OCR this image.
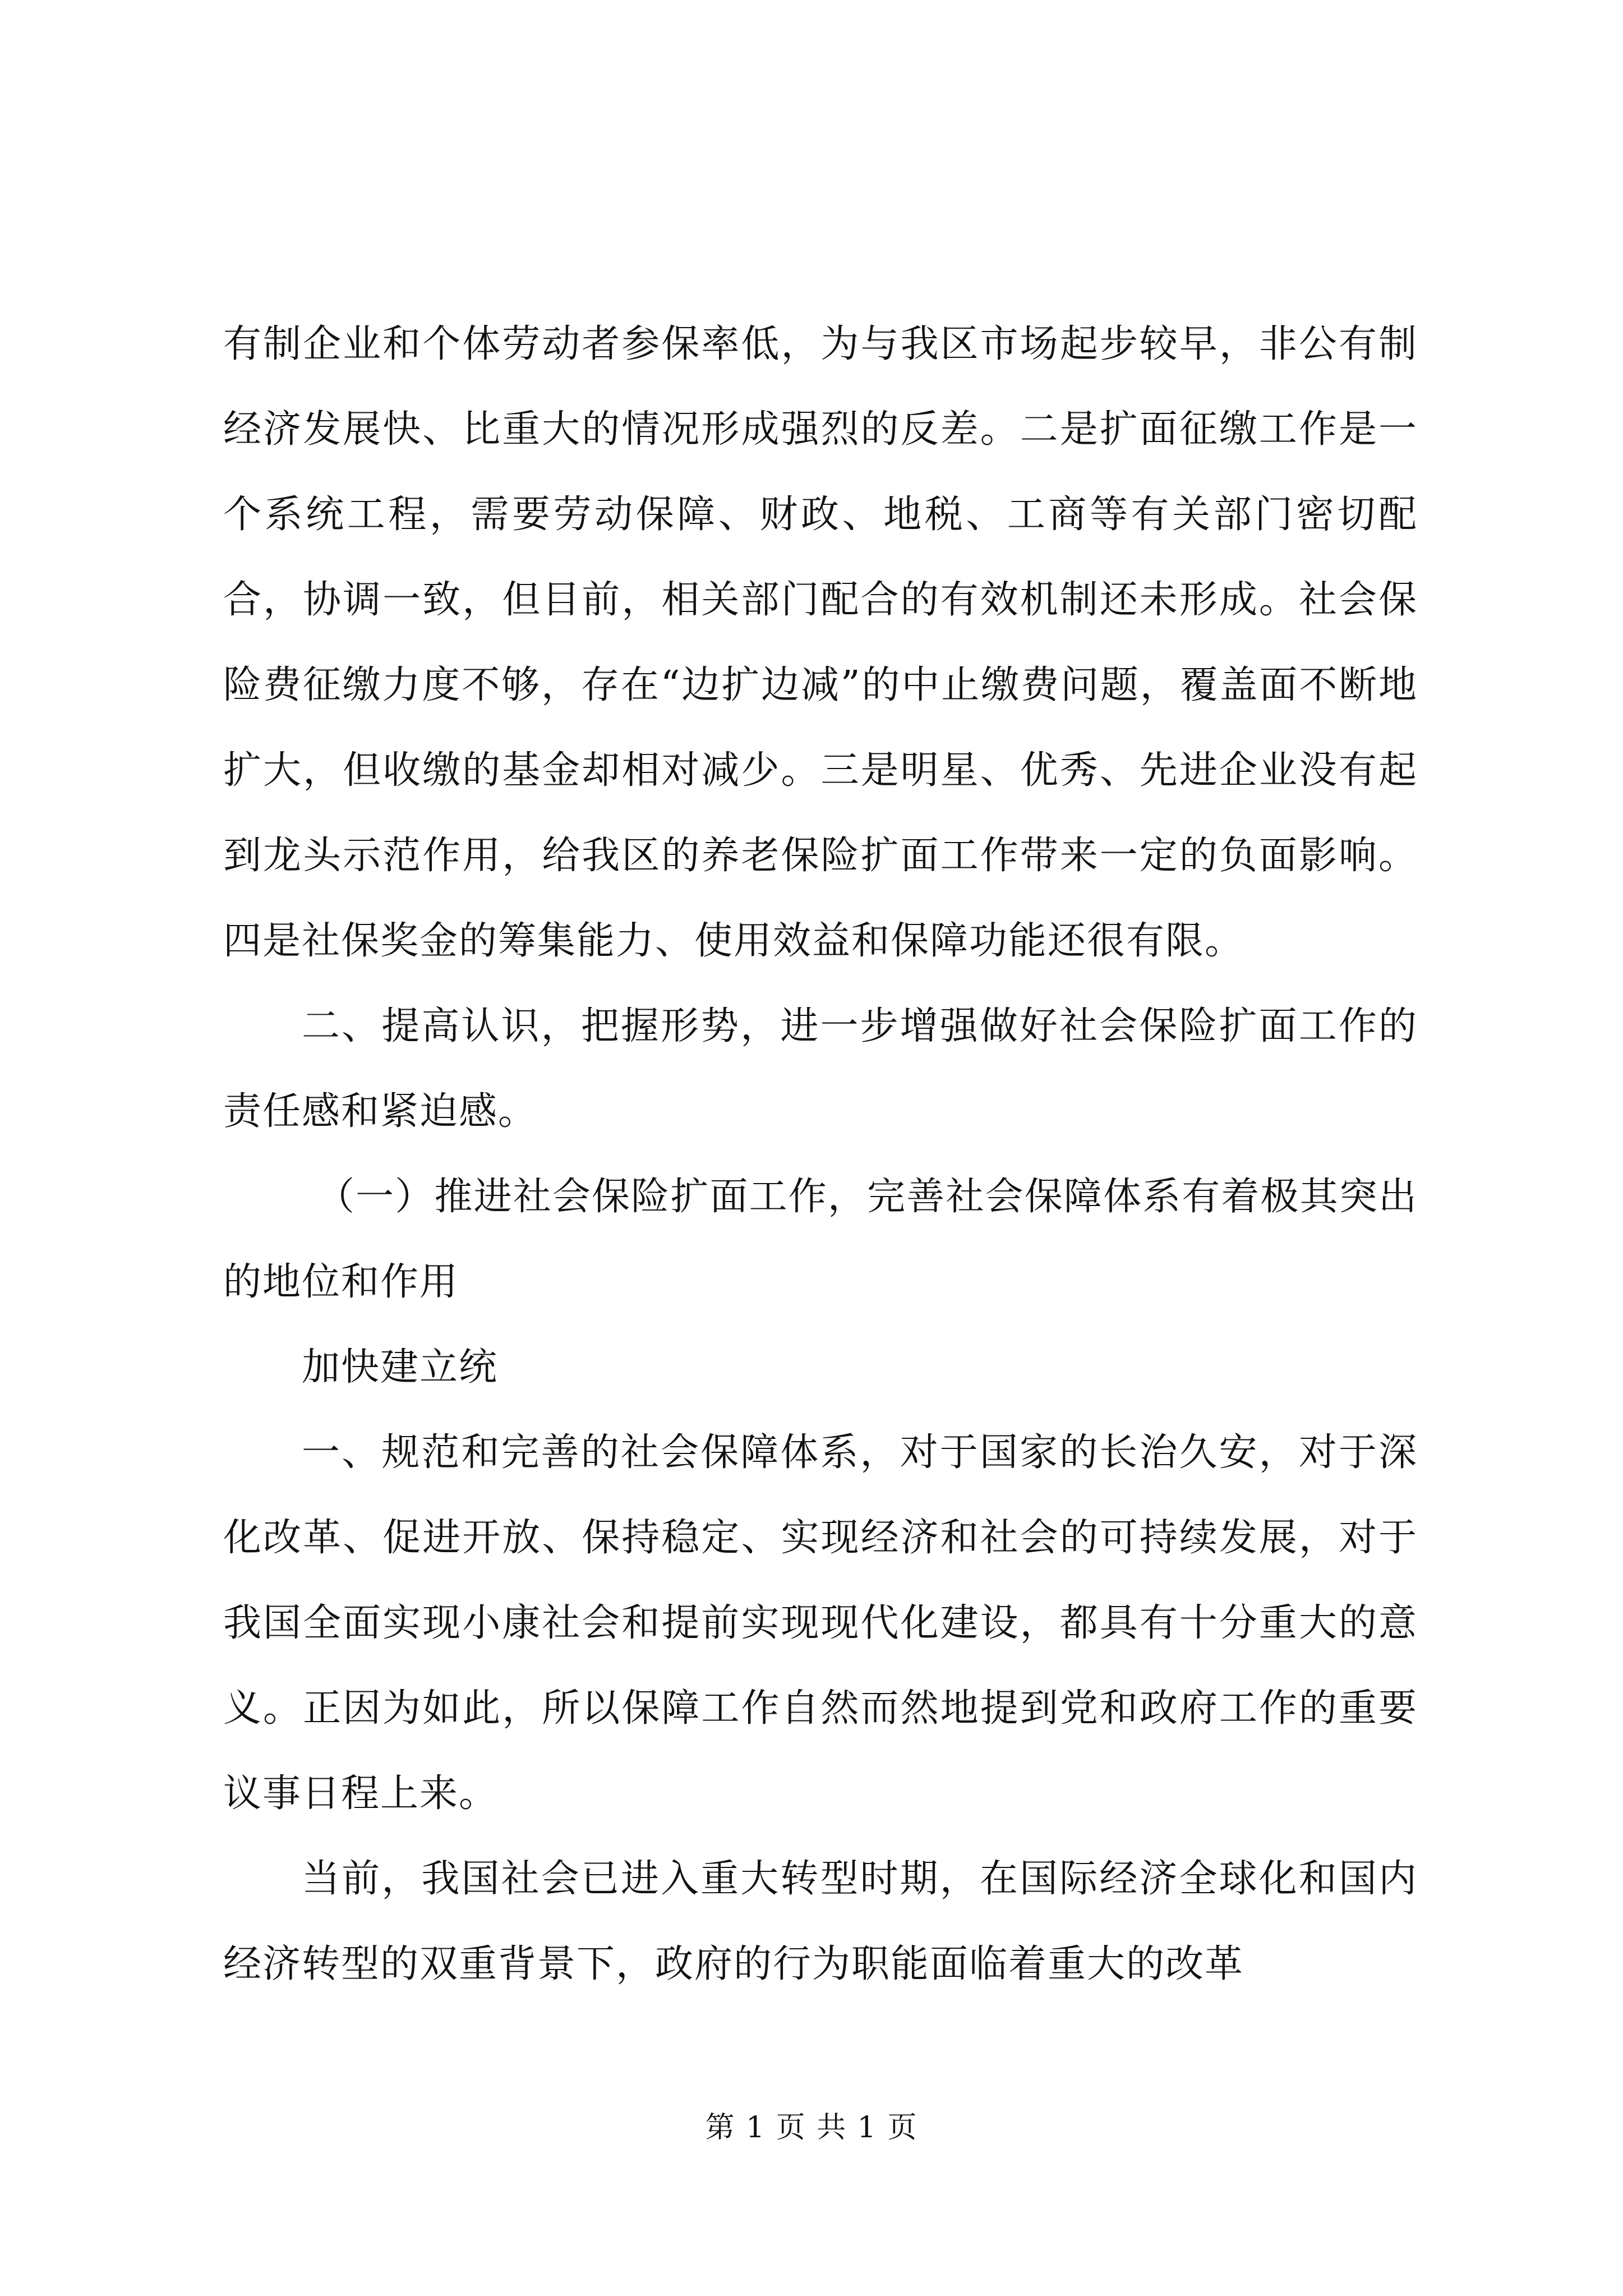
有制企业和个体劳动者参保率低，为与我区市场起步较早，非公有制经济发展快、比重大的情况形成强烈的反差。二是扩面征缴工作是一个系统工程，需要劳动保障、财政、地税、工商等有关部门密切配合，协调一致，但目前，相关部门配合的有效机制还未形成。社会保险费征缴力度不够，存在“边扩边减”的中止缴费问题，覆盖面不断地扩大，但收缴的基金却相对减少。三是明星、优秀、先进企业没有起到龙头示范作用，给我区的养老保险扩面工作带来一定的负面影响。四是社保奖金的筹集能力、使用效益和保障功能还很有限。

二、提高认识，把握形势，进一步增强做好社会保险扩面工作的责任感和紧迫感。

（一）推进社会保险扩面工作，完善社会保障体系有着极其突出的地位和作用

加快建立统

一、规范和完善的社会保障体系，对于国家的长治久安，对于深化改革、促进开放、保持稳定、实现经济和社会的可持续发展，对于我国全面实现小康社会和提前实现现代化建设，都具有十分重大的意义。正因为如此，所以保障工作自然而然地提到党和政府工作的重要议事日程上来。

当前，我国社会已进入重大转型时期，在国际经济全球化和国内经济转型的双重背景下，政府的行为职能面临着重大的改革

第 1 页 共 1 页
